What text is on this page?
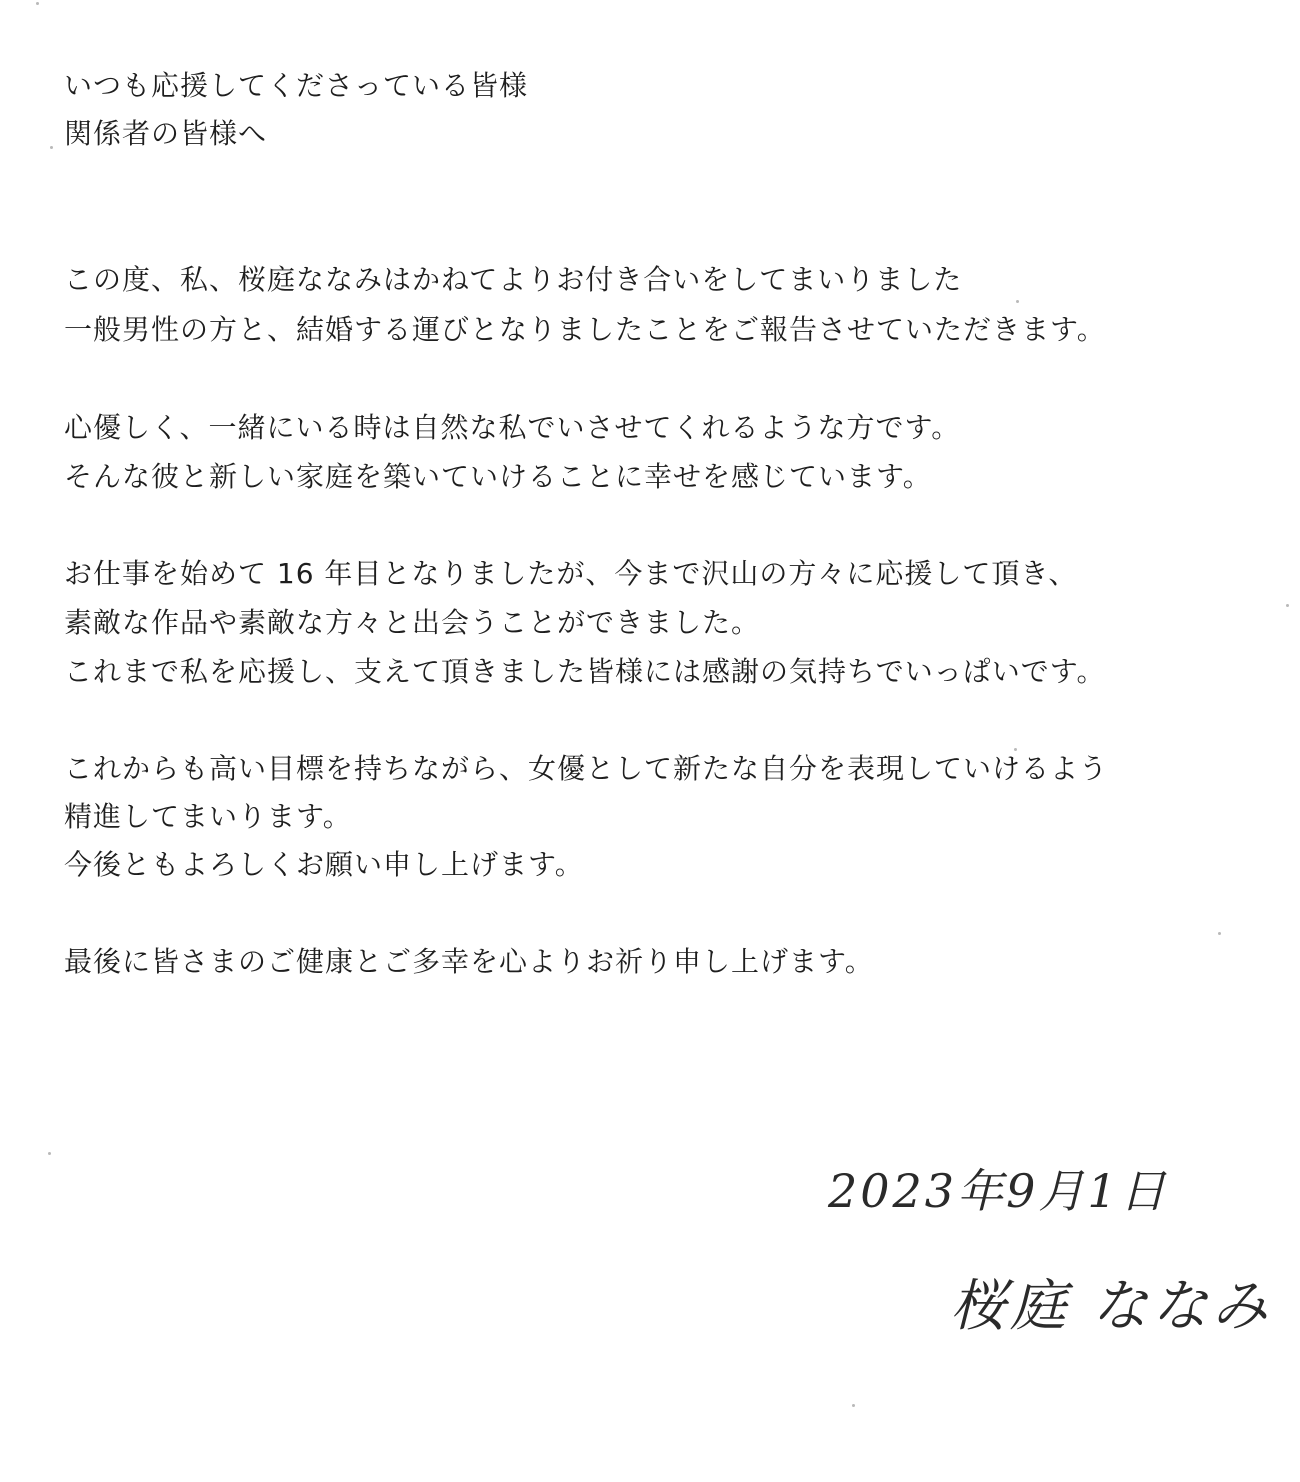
いつも応援してくださっている皆様

関係者の皆様へ

この度、私、桜庭ななみはかねてよりお付き合いをしてまいりました

一般男性の方と、結婚する運びとなりましたことをご報告させていただきます。

心優しく、一緒にいる時は自然な私でいさせてくれるような方です。

そんな彼と新しい家庭を築いていけることに幸せを感じています。

お仕事を始めて 16 年目となりましたが、今まで沢山の方々に応援して頂き、

素敵な作品や素敵な方々と出会うことができました。

これまで私を応援し、支えて頂きました皆様には感謝の気持ちでいっぱいです。

これからも高い目標を持ちながら、女優として新たな自分を表現していけるよう

精進してまいります。

今後ともよろしくお願い申し上げます。

最後に皆さまのご健康とご多幸を心よりお祈り申し上げます。

2023年9月1日
桜庭 ななみ
